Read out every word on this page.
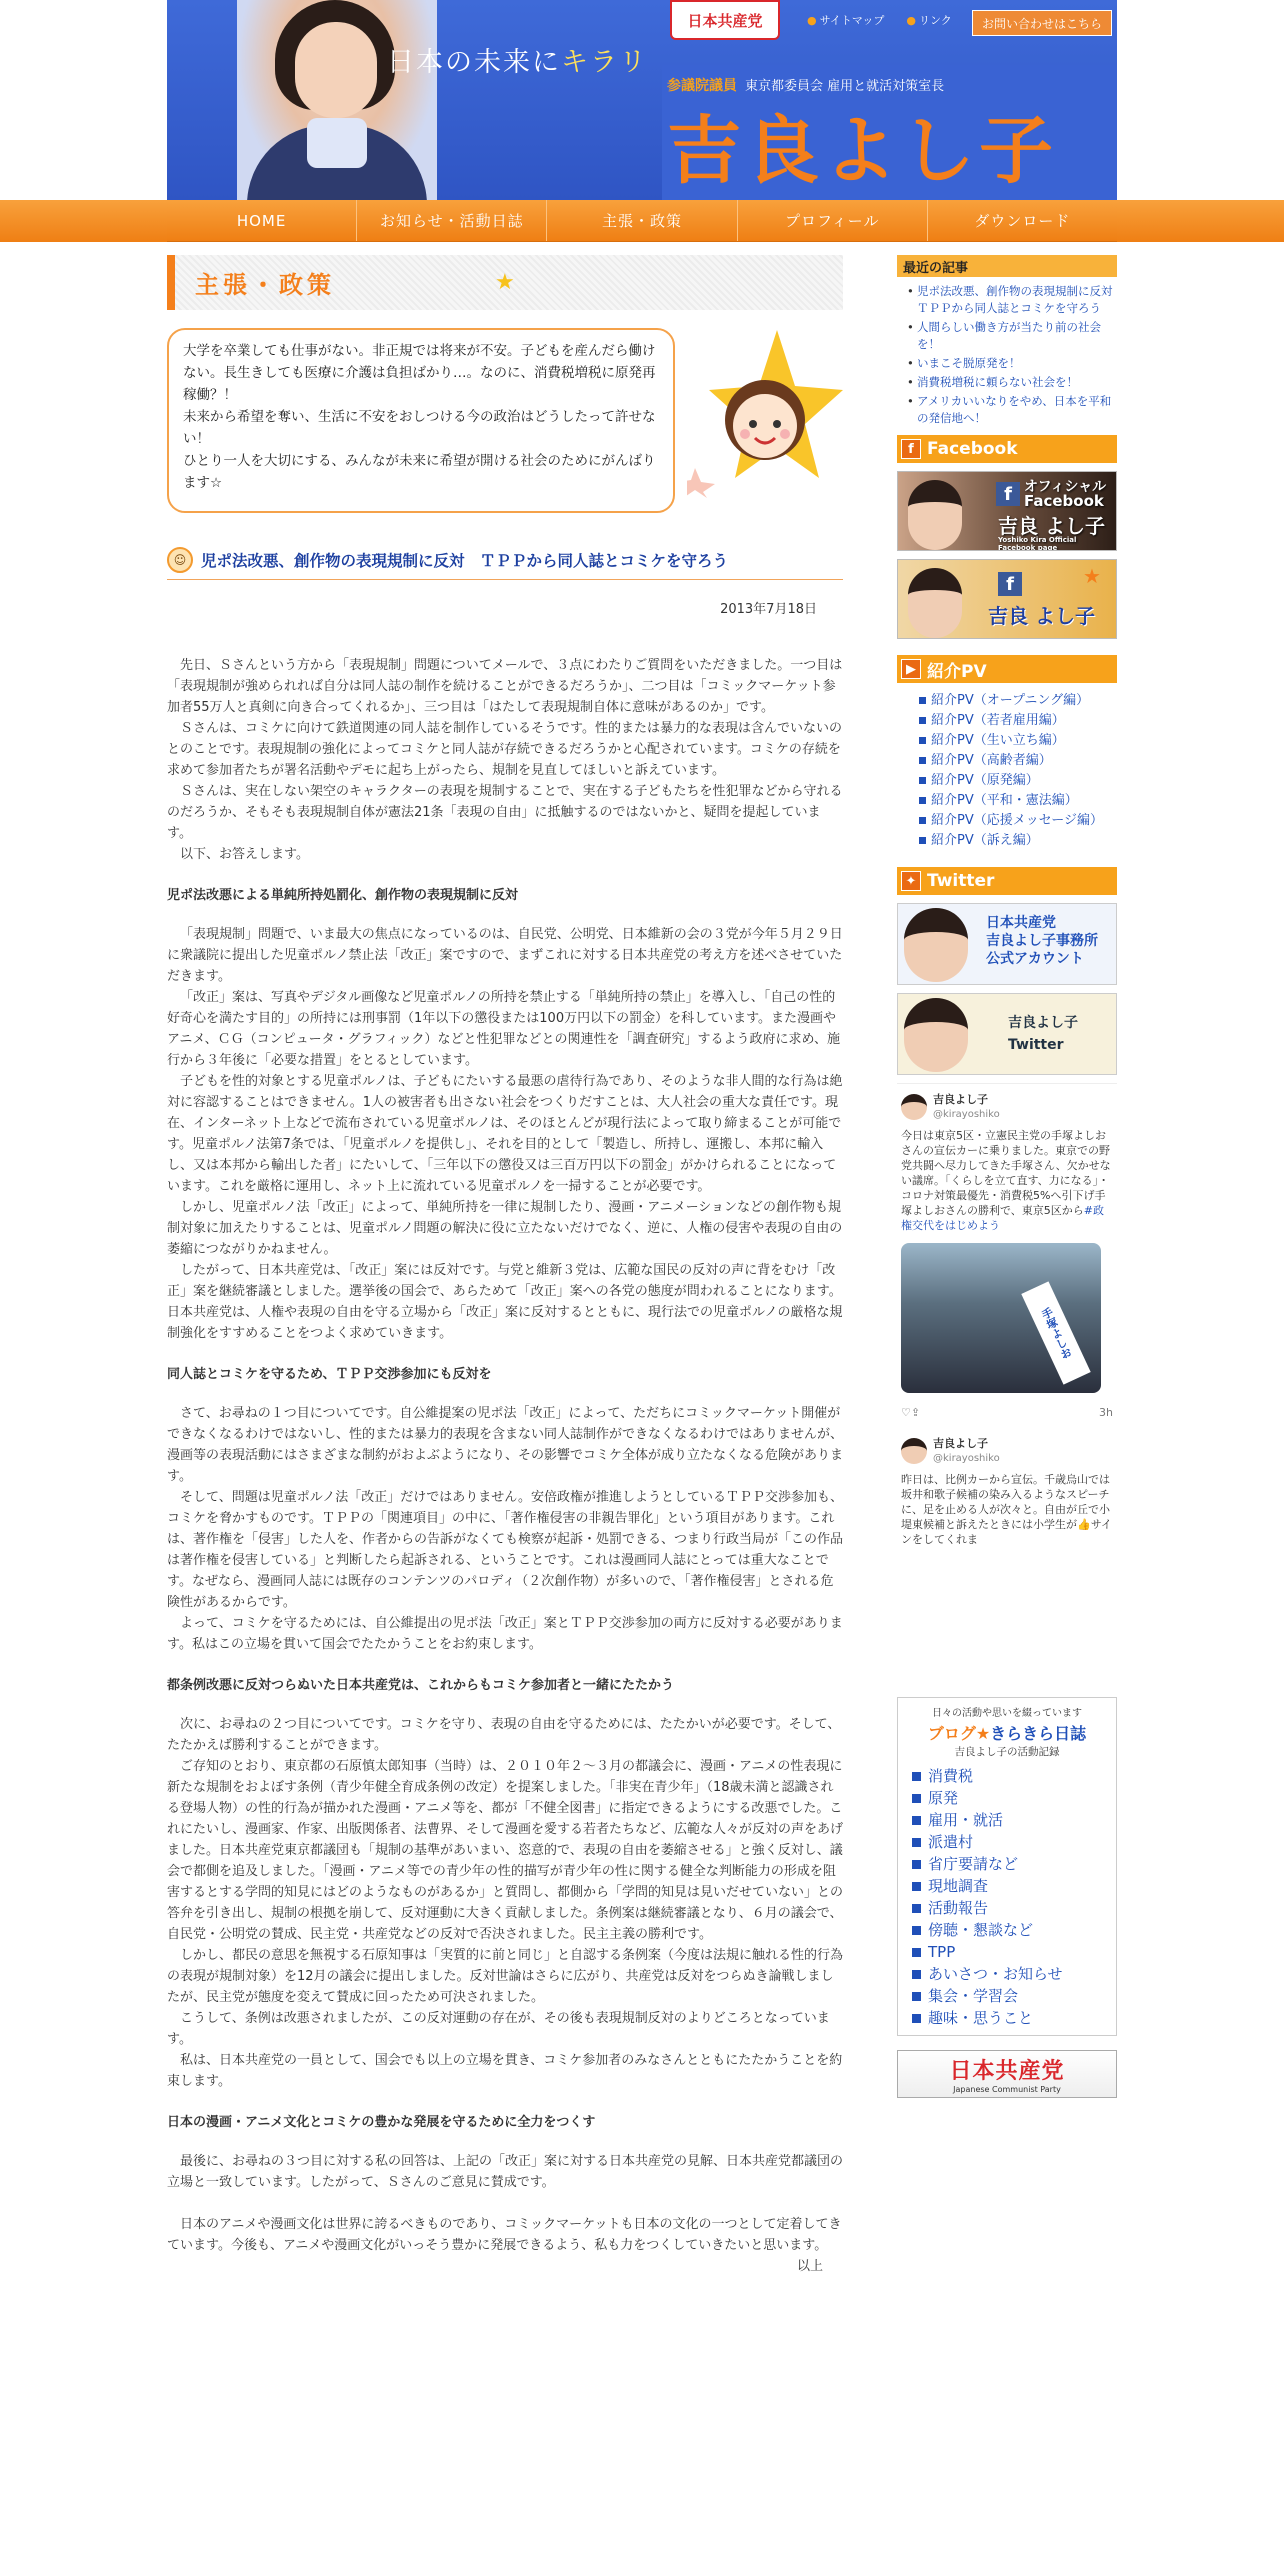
日本の未来にキラリ
日本共産党	● サイトマップ ● リンク	お問い合わせはこちら
参議院議員 東京都委員会 雇用と就活対策室長
吉良よし子
HOME	お知らせ・活動日誌	主張・政策	プロフィール	ダウンロード
主張・政策	★
大学を卒業しても仕事がない。非正規では将来が不安。子どもを産んだら働けない。長生きしても医療に介護は負担ばかり…。なのに、消費税増税に原発再稼働？！
未来から希望を奪い、生活に不安をおしつける今の政治はどうしたって許せない！
ひとり一人を大切にする、みんなが未来に希望が開ける社会のためにがんばります☆
☺ 児ポ法改悪、創作物の表現規制に反対　ＴＰＰから同人誌とコミケを守ろう
2013年7月18日

先日、Ｓさんという方から「表現規制」問題についてメールで、３点にわたりご質問をいただきました。一つ目は「表現規制が強められれば自分は同人誌の制作を続けることができるだろうか」、二つ目は「コミックマーケット参加者55万人と真剣に向き合ってくれるか」、三つ目は「はたして表現規制自体に意味があるのか」です。

Ｓさんは、コミケに向けて鉄道関連の同人誌を制作しているそうです。性的または暴力的な表現は含んでいないのとのことです。表現規制の強化によってコミケと同人誌が存続できるだろうかと心配されています。コミケの存続を求めて参加者たちが署名活動やデモに起ち上がったら、規制を見直してほしいと訴えています。

Ｓさんは、実在しない架空のキャラクターの表現を規制することで、実在する子どもたちを性犯罪などから守れるのだろうか、そもそも表現規制自体が憲法21条「表現の自由」に抵触するのではないかと、疑問を提起しています。

以下、お答えします。

児ポ法改悪による単純所持処罰化、創作物の表現規制に反対

「表現規制」問題で、いま最大の焦点になっているのは、自民党、公明党、日本維新の会の３党が今年５月２９日に衆議院に提出した児童ポルノ禁止法「改正」案ですので、まずこれに対する日本共産党の考え方を述べさせていただきます。

「改正」案は、写真やデジタル画像など児童ポルノの所持を禁止する「単純所持の禁止」を導入し、「自己の性的好奇心を満たす目的」の所持には刑事罰（1年以下の懲役または100万円以下の罰金）を科しています。また漫画やアニメ、ＣＧ（コンピュータ・グラフィック）などと性犯罪などとの関連性を「調査研究」するよう政府に求め、施行から３年後に「必要な措置」をとるとしています。

子どもを性的対象とする児童ポルノは、子どもにたいする最悪の虐待行為であり、そのような非人間的な行為は絶対に容認することはできません。1人の被害者も出さない社会をつくりだすことは、大人社会の重大な責任です。現在、インターネット上などで流布されている児童ポルノは、そのほとんどが現行法によって取り締まることが可能です。児童ポルノ法第7条では、「児童ポルノを提供し」、それを目的として「製造し、所持し、運搬し、本邦に輸入し、又は本邦から輸出した者」にたいして、「三年以下の懲役又は三百万円以下の罰金」がかけられることになっています。これを厳格に運用し、ネット上に流れている児童ポルノを一掃することが必要です。

しかし、児童ポルノ法「改正」によって、単純所持を一律に規制したり、漫画・アニメーションなどの創作物も規制対象に加えたりすることは、児童ポルノ問題の解決に役に立たないだけでなく、逆に、人権の侵害や表現の自由の萎縮につながりかねません。

したがって、日本共産党は、「改正」案には反対です。与党と維新３党は、広範な国民の反対の声に背をむけ「改正」案を継続審議としました。選挙後の国会で、あらためて「改正」案への各党の態度が問われることになります。日本共産党は、人権や表現の自由を守る立場から「改正」案に反対するとともに、現行法での児童ポルノの厳格な規制強化をすすめることをつよく求めていきます。

同人誌とコミケを守るため、ＴＰＰ交渉参加にも反対を

さて、お尋ねの１つ目についてです。自公維提案の児ポ法「改正」によって、ただちにコミックマーケット開催ができなくなるわけではないし、性的または暴力的表現を含まない同人誌制作ができなくなるわけではありませんが、漫画等の表現活動にはさまざまな制約がおよぶようになり、その影響でコミケ全体が成り立たなくなる危険があります。

そして、問題は児童ポルノ法「改正」だけではありません。安倍政権が推進しようとしているＴＰＰ交渉参加も、コミケを脅かすものです。ＴＰＰの「関連項目」の中に、「著作権侵害の非親告罪化」という項目があります。これは、著作権を「侵害」した人を、作者からの告訴がなくても検察が起訴・処罰できる、つまり行政当局が「この作品は著作権を侵害している」と判断したら起訴される、ということです。これは漫画同人誌にとっては重大なことです。なぜなら、漫画同人誌には既存のコンテンツのパロディ（２次創作物）が多いので、「著作権侵害」とされる危険性があるからです。

よって、コミケを守るためには、自公維提出の児ポ法「改正」案とＴＰＰ交渉参加の両方に反対する必要があります。私はこの立場を貫いて国会でたたかうことをお約束します。

都条例改悪に反対つらぬいた日本共産党は、これからもコミケ参加者と一緒にたたかう

次に、お尋ねの２つ目についてです。コミケを守り、表現の自由を守るためには、たたかいが必要です。そして、たたかえば勝利することができます。

ご存知のとおり、東京都の石原慎太郎知事（当時）は、２０１０年２～３月の都議会に、漫画・アニメの性表現に新たな規制をおよぼす条例（青少年健全育成条例の改定）を提案しました。「非実在青少年」（18歳未満と認識される登場人物）の性的行為が描かれた漫画・アニメ等を、都が「不健全図書」に指定できるようにする改悪でした。これにたいし、漫画家、作家、出版関係者、法曹界、そして漫画を愛する若者たちなど、広範な人々が反対の声をあげました。日本共産党東京都議団も「規制の基準があいまい、恣意的で、表現の自由を萎縮させる」と強く反対し、議会で都側を追及しました。「漫画・アニメ等での青少年の性的描写が青少年の性に関する健全な判断能力の形成を阻害するとする学問的知見にはどのようなものがあるか」と質問し、都側から「学問的知見は見いだせていない」との答弁を引き出し、規制の根拠を崩して、反対運動に大きく貢献しました。条例案は継続審議となり、６月の議会で、自民党・公明党の賛成、民主党・共産党などの反対で否決されました。民主主義の勝利です。

しかし、都民の意思を無視する石原知事は「実質的に前と同じ」と自認する条例案（今度は法規に触れる性的行為の表現が規制対象）を12月の議会に提出しました。反対世論はさらに広がり、共産党は反対をつらぬき論戦しましたが、民主党が態度を変えて賛成に回ったため可決されました。

こうして、条例は改悪されましたが、この反対運動の存在が、その後も表現規制反対のよりどころとなっています。

私は、日本共産党の一員として、国会でも以上の立場を貫き、コミケ参加者のみなさんとともにたたかうことを約束します。

日本の漫画・アニメ文化とコミケの豊かな発展を守るために全力をつくす

最後に、お尋ねの３つ目に対する私の回答は、上記の「改正」案に対する日本共産党の見解、日本共産党都議団の立場と一致しています。したがって、Ｓさんのご意見に賛成です。

日本のアニメや漫画文化は世界に誇るべきものであり、コミックマーケットも日本の文化の一つとして定着してきています。今後も、アニメや漫画文化がいっそう豊かに発展できるよう、私も力をつくしていきたいと思います。

以上

最近の記事
• 児ポ法改悪、創作物の表現規制に反対　ＴＰＰから同人誌とコミケを守ろう
• 人間らしい働き方が当たり前の社会を！
• いまこそ脱原発を！
• 消費税増税に頼らない社会を！
• アメリカいいなりをやめ、日本を平和の発信地へ！
f Facebook
f オフィシャル
Facebook
吉良 よし子
Yoshiko Kira Official Facebook page
f
吉良 よし子
★
▶ 紹介PV
紹介PV（オープニング編）
紹介PV（若者雇用編）
紹介PV（生い立ち編）
紹介PV（高齢者編）
紹介PV（原発編）
紹介PV（平和・憲法編）
紹介PV（応援メッセージ編）
紹介PV（訴え編）
✦ Twitter
日本共産党
吉良よし子事務所
公式アカウント
吉良よし子
Twitter
吉良よし子
@kirayoshiko
今日は東京5区・立憲民主党の手塚よしおさんの宣伝カーに乗りました。東京での野党共闘へ尽力してきた手塚さん、欠かせない議席。「くらしを立て直す、力になる」・コロナ対策最優先・消費税5%へ引下げ手塚よしおさんの勝利で、東京5区から#政権交代をはじめよう
手塚よしお
♡ ⇪	3h
吉良よし子
@kirayoshiko
昨日は、比例カーから宣伝。千歳烏山では坂井和歌子候補の染み入るようなスピーチに、足を止める人が次々と。自由が丘で小堤東候補と訴えたときには小学生が👍サインをしてくれま
日々の活動や思いを綴っています
ブログ★きらきら日誌
吉良よし子の活動記録
消費税
原発
雇用・就活
派遣村
省庁要請など
現地調査
活動報告
傍聴・懇談など
TPP
あいさつ・お知らせ
集会・学習会
趣味・思うこと
日本共産党
Japanese Communist Party
